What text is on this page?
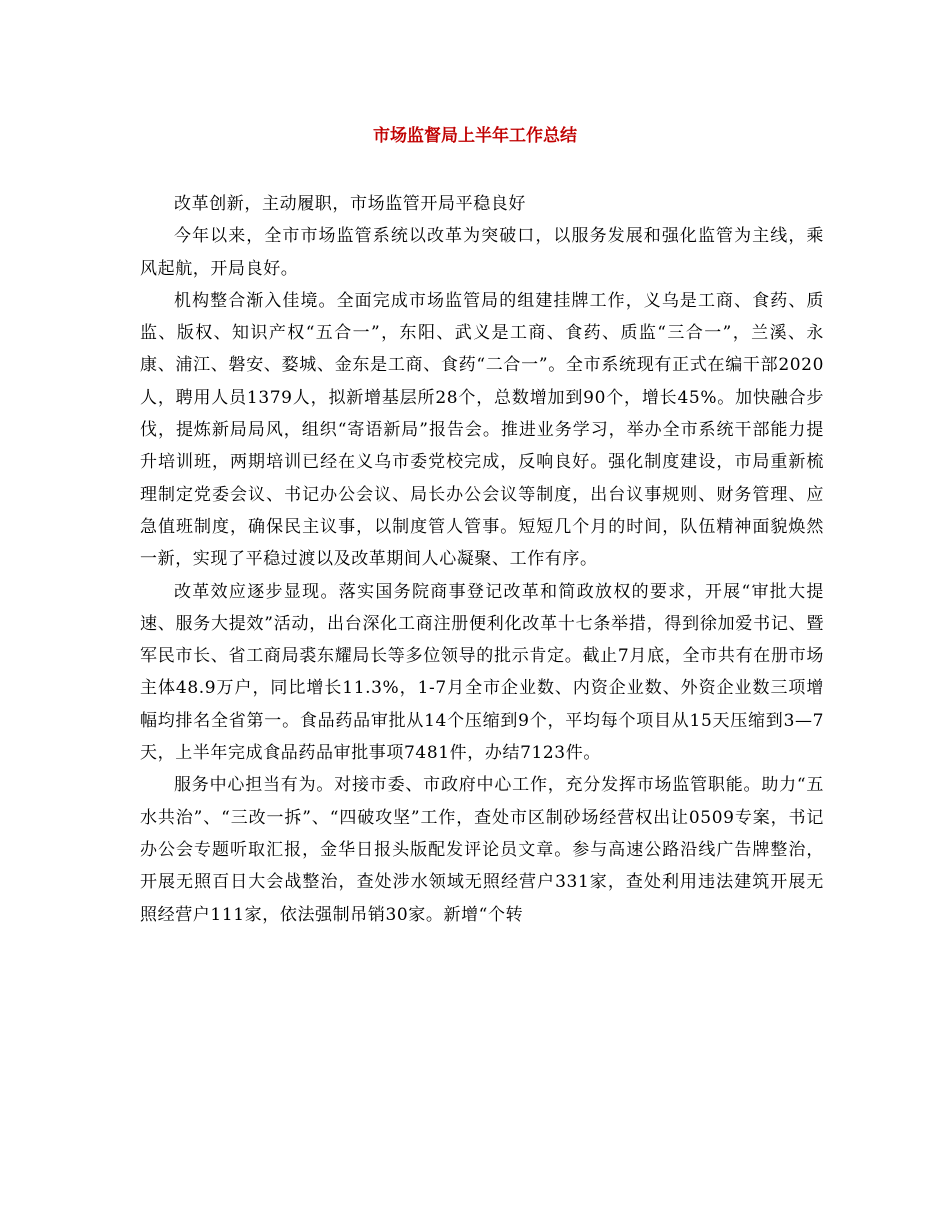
市场监督局上半年工作总结

改革创新，主动履职，市场监管开局平稳良好

今年以来，全市市场监管系统以改革为突破口，以服务发展和强化监管为主线，乘风起航，开局良好。

机构整合渐入佳境。全面完成市场监管局的组建挂牌工作，义乌是工商、食药、质监、版权、知识产权“五合一”，东阳、武义是工商、食药、质监“三合一”，兰溪、永康、浦江、磐安、婺城、金东是工商、食药“二合一”。全市系统现有正式在编干部2020人，聘用人员1379人，拟新增基层所28个，总数增加到90个，增长45%。加快融合步伐，提炼新局局风，组织“寄语新局”报告会。推进业务学习，举办全市系统干部能力提升培训班，两期培训已经在义乌市委党校完成，反响良好。强化制度建设，市局重新梳理制定党委会议、书记办公会议、局长办公会议等制度，出台议事规则、财务管理、应急值班制度，确保民主议事，以制度管人管事。短短几个月的时间，队伍精神面貌焕然一新，实现了平稳过渡以及改革期间人心凝聚、工作有序。

改革效应逐步显现。落实国务院商事登记改革和简政放权的要求，开展“审批大提速、服务大提效”活动，出台深化工商注册便利化改革十七条举措，得到徐加爱书记、暨军民市长、省工商局裘东耀局长等多位领导的批示肯定。截止7月底，全市共有在册市场主体48.9万户，同比增长11.3%，1-7月全市企业数、内资企业数、外资企业数三项增幅均排名全省第一。食品药品审批从14个压缩到9个，平均每个项目从15天压缩到3—7天，上半年完成食品药品审批事项7481件，办结7123件。

服务中心担当有为。对接市委、市政府中心工作，充分发挥市场监管职能。助力“五水共治”、“三改一拆”、“四破攻坚”工作，查处市区制砂场经营权出让0509专案，书记办公会专题听取汇报，金华日报头版配发评论员文章。参与高速公路沿线广告牌整治，开展无照百日大会战整治，查处涉水领域无照经营户331家，查处利用违法建筑开展无照经营户111家，依法强制吊销30家。新增“个转
